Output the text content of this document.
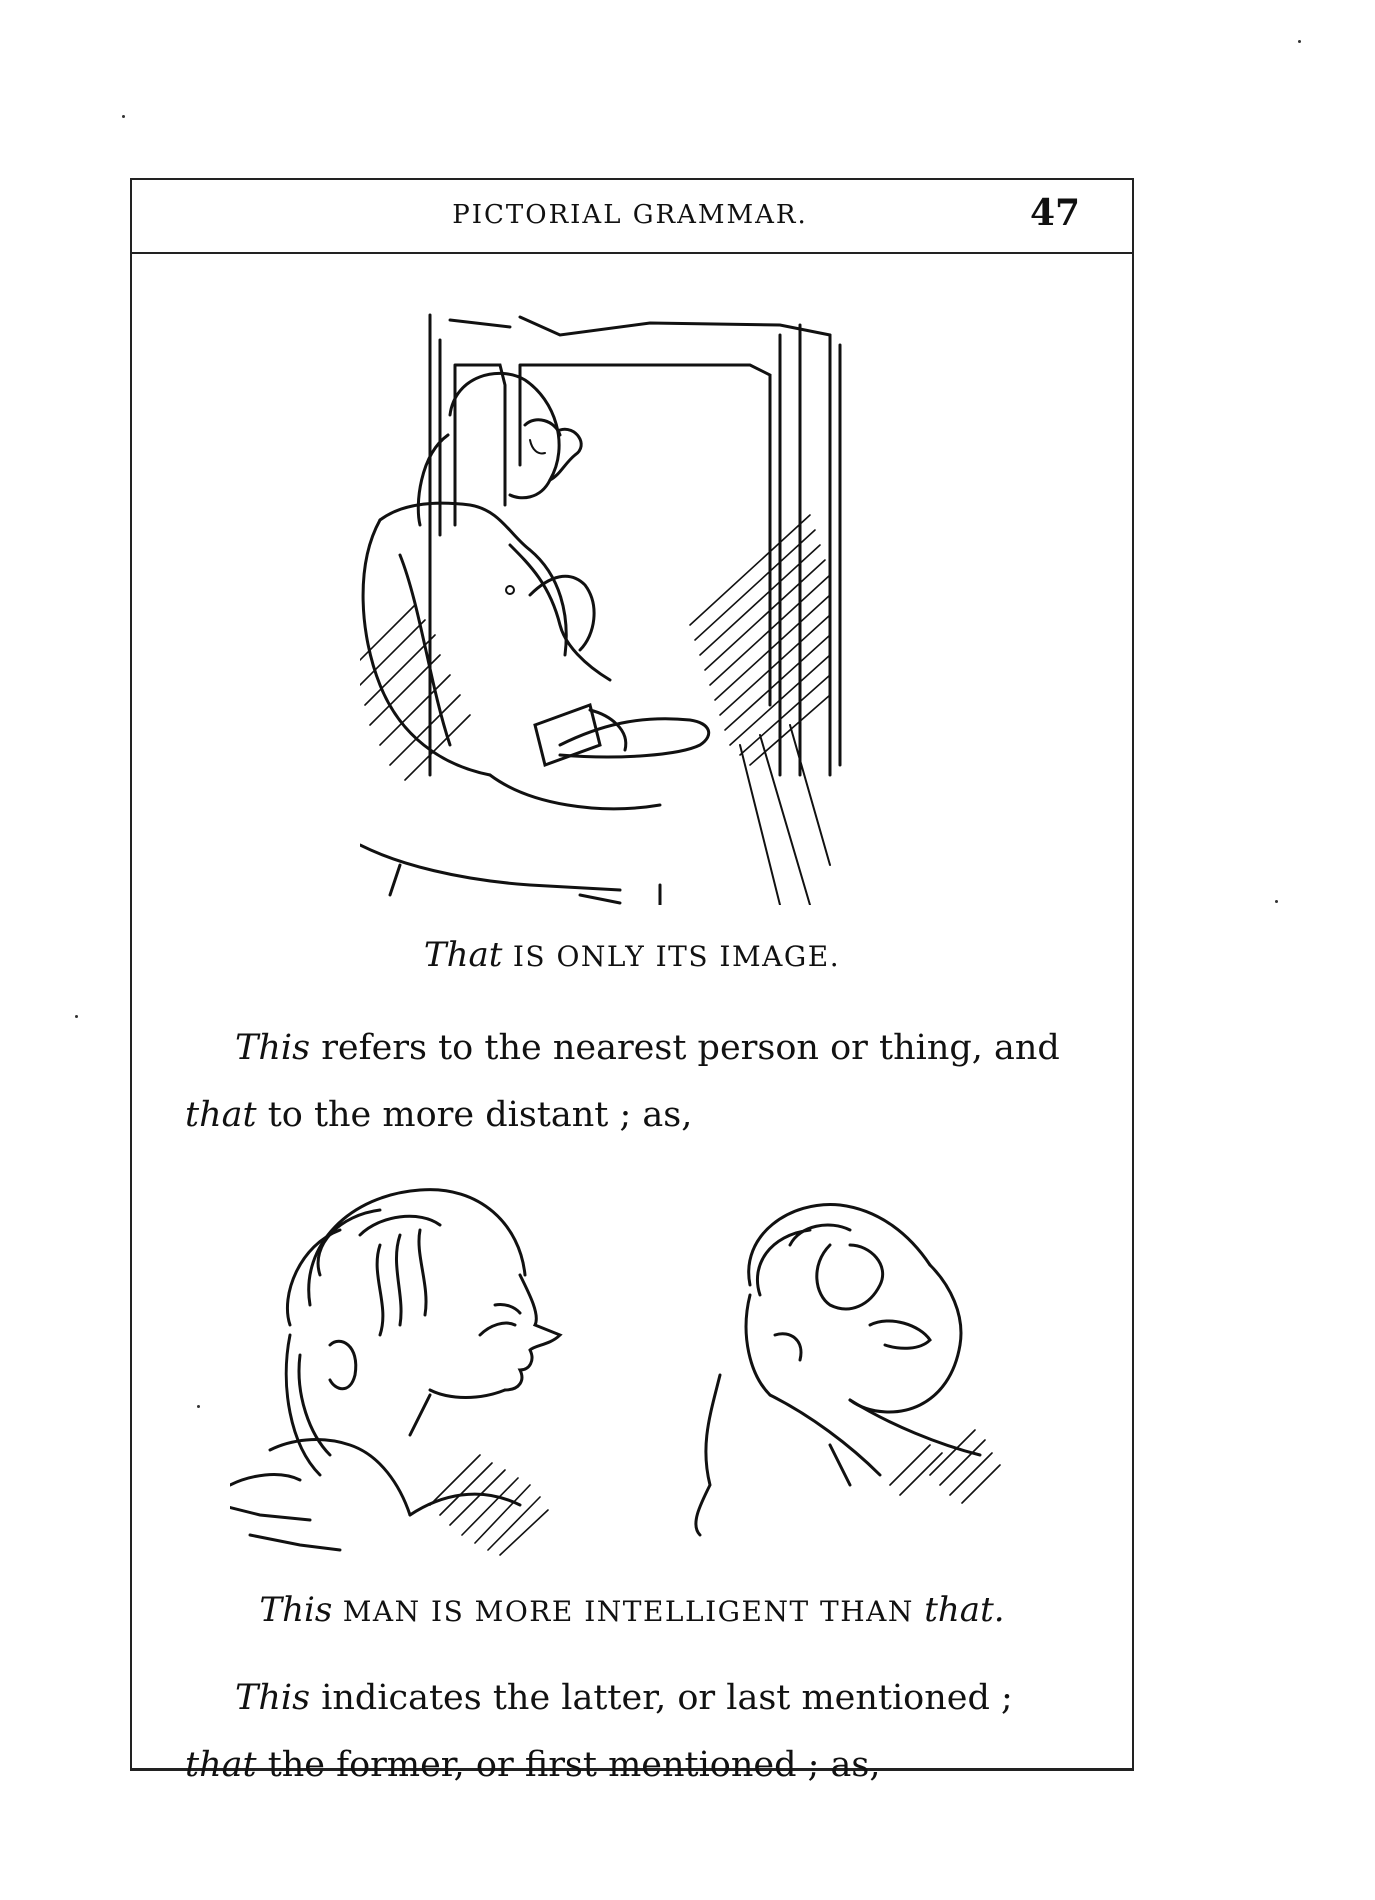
PICTORIAL GRAMMAR.	47
That IS ONLY ITS IMAGE.
This refers to the nearest person or thing, and
that to the more distant ; as,
This MAN IS MORE INTELLIGENT THAN that.
This indicates the latter, or last mentioned ;
that the former, or first mentioned ; as,
